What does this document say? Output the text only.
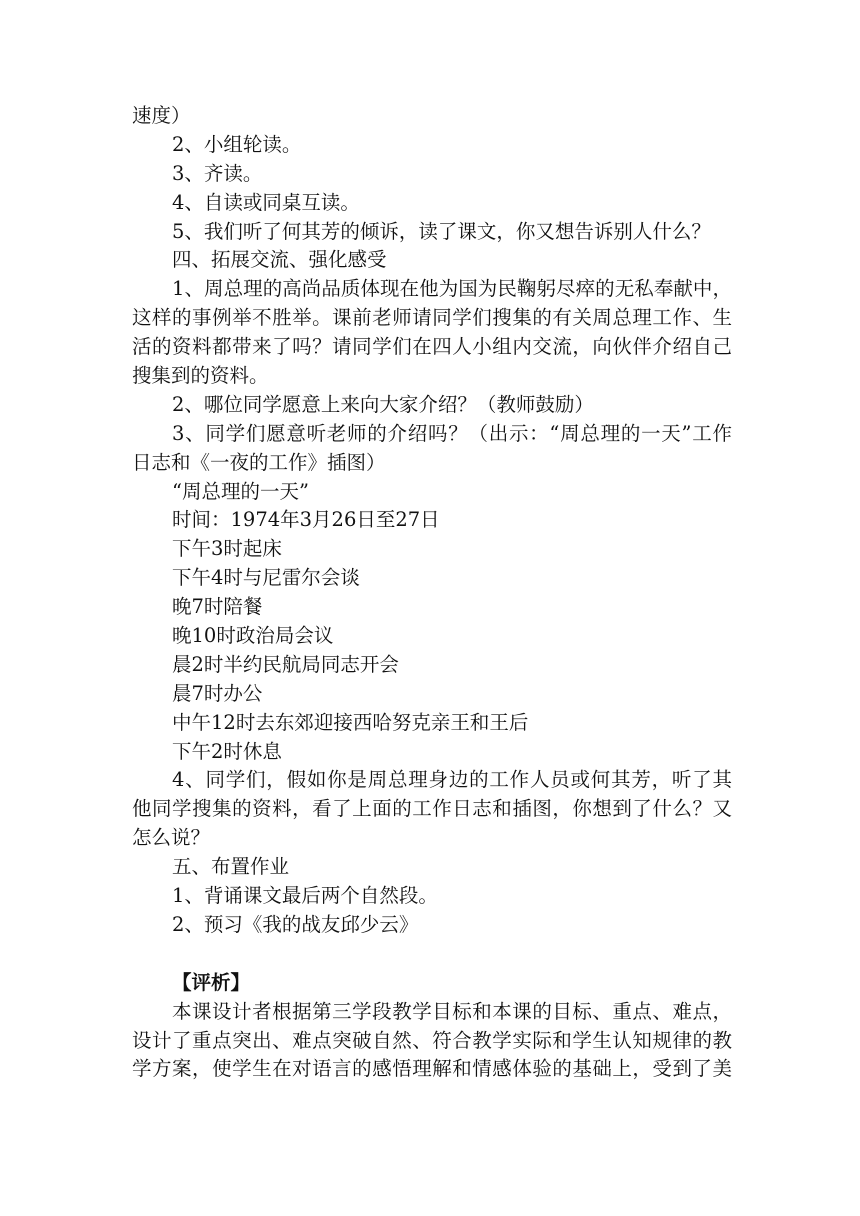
速度）
2、小组轮读。
3、齐读。
4、自读或同桌互读。
5、我们听了何其芳的倾诉，读了课文，你又想告诉别人什么？
四、拓展交流、强化感受
1、周总理的高尚品质体现在他为国为民鞠躬尽瘁的无私奉献中，
这样的事例举不胜举。课前老师请同学们搜集的有关周总理工作、生
活的资料都带来了吗？请同学们在四人小组内交流，向伙伴介绍自己
搜集到的资料。
2、哪位同学愿意上来向大家介绍？（教师鼓励）
3、同学们愿意听老师的介绍吗？（出示：“周总理的一天”工作
日志和《一夜的工作》插图）
“周总理的一天”
时间：1974年3月26日至27日
下午3时起床
下午4时与尼雷尔会谈
晚7时陪餐
晚10时政治局会议
晨2时半约民航局同志开会
晨7时办公
中午12时去东郊迎接西哈努克亲王和王后
下午2时休息
4、同学们，假如你是周总理身边的工作人员或何其芳，听了其
他同学搜集的资料，看了上面的工作日志和插图，你想到了什么？又
怎么说？
五、布置作业
1、背诵课文最后两个自然段。
2、预习《我的战友邱少云》
【评析】
本课设计者根据第三学段教学目标和本课的目标、重点、难点，
设计了重点突出、难点突破自然、符合教学实际和学生认知规律的教
学方案，使学生在对语言的感悟理解和情感体验的基础上，受到了美
